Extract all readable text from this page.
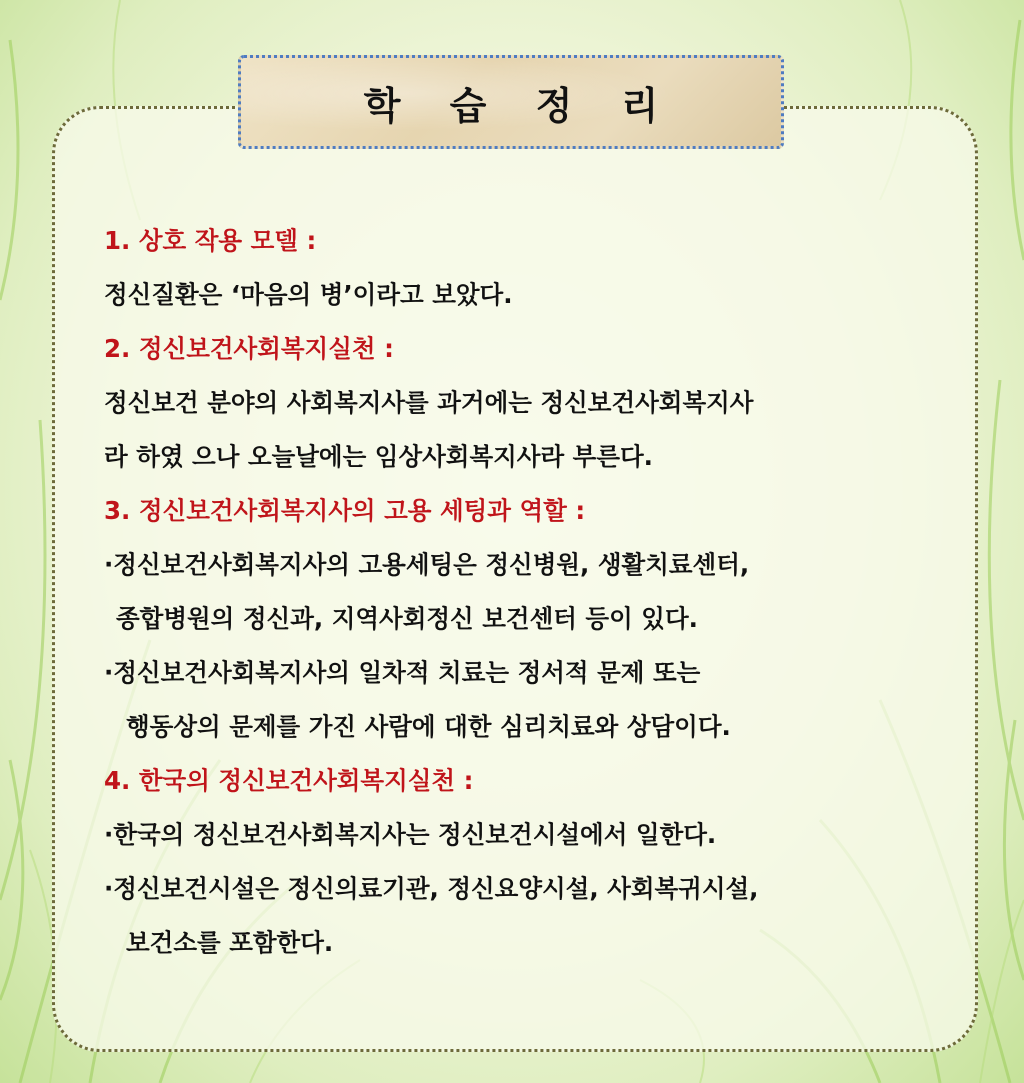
학 습 정 리
1. 상호 작용 모델 :
정신질환은 ‘마음의 병’이라고 보았다.
2. 정신보건사회복지실천 :
정신보건 분야의 사회복지사를 과거에는 정신보건사회복지사
라 하였 으나 오늘날에는 임상사회복지사라 부른다.
3. 정신보건사회복지사의 고용 세팅과 역할 :
·정신보건사회복지사의 고용세팅은 정신병원, 생활치료센터,
종합병원의 정신과, 지역사회정신 보건센터 등이 있다.
·정신보건사회복지사의 일차적 치료는 정서적 문제 또는
행동상의 문제를 가진 사람에 대한 심리치료와 상담이다.
4. 한국의 정신보건사회복지실천 :
·한국의 정신보건사회복지사는 정신보건시설에서 일한다.
·정신보건시설은 정신의료기관, 정신요양시설, 사회복귀시설,
보건소를 포함한다.
